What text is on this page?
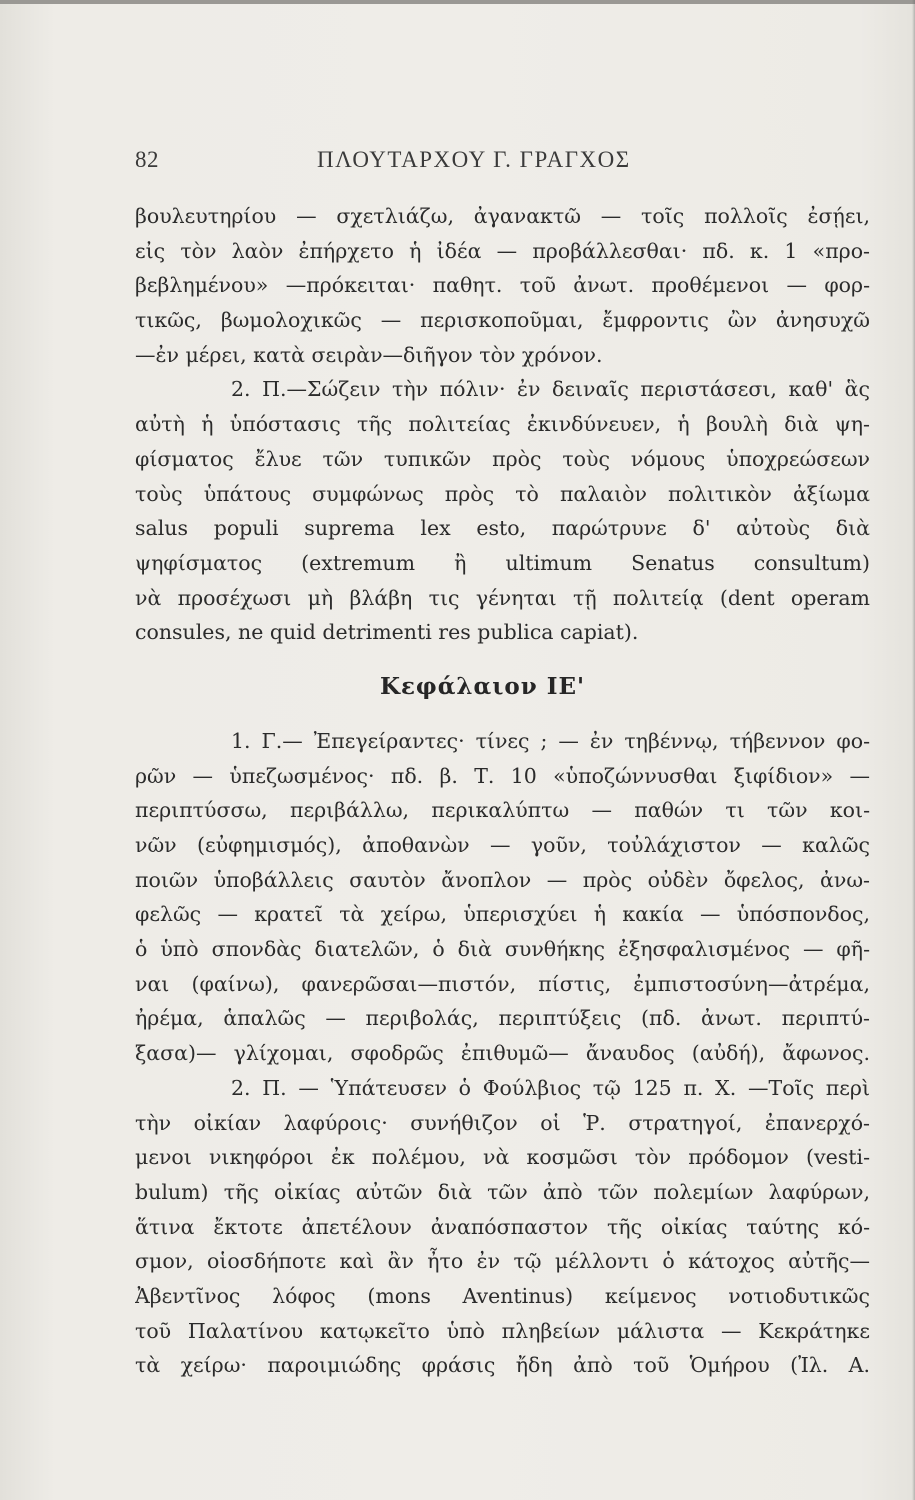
82	ΠΛΟΥΤΑΡΧΟΥ Γ. ΓΡΑΓΧΟΣ
βουλευτηρίου — σχετλιάζω, ἀγανακτῶ — τοῖς πολλοῖς ἐσῄει,
εἰς τὸν λαὸν ἐπήρχετο ἡ ἰδέα — προβάλλεσθαι· πδ. κ. 1 «προ-
βεβλημένου» —πρόκειται· παθητ. τοῦ ἀνωτ. προθέμενοι — φορ-
τικῶς, βωμολοχικῶς — περισκοποῦμαι, ἔμφροντις ὢν ἀνησυχῶ
—ἐν μέρει, κατὰ σειρὰν—διῆγον τὸν χρόνον.
2. Π.—Σώζειν τὴν πόλιν· ἐν δειναῖς περιστάσεσι, καθ' ἃς
αὐτὴ ἡ ὑπόστασις τῆς πολιτείας ἐκινδύνευεν, ἡ βουλὴ διὰ ψη-
φίσματος ἔλυε τῶν τυπικῶν πρὸς τοὺς νόμους ὑποχρεώσεων
τοὺς ὑπάτους συμφώνως πρὸς τὸ παλαιὸν πολιτικὸν ἀξίωμα
salus populi suprema lex esto, παρώτρυνε δ' αὐτοὺς διὰ
ψηφίσματος (extremum ἢ ultimum Senatus consultum)
νὰ προσέχωσι μὴ βλάβη τις γένηται τῇ πολιτείᾳ (dent operam
consules, ne quid detrimenti res publica capiat).
Κεφάλαιον ΙΕ'
1. Γ.— Ἐπεγείραντες· τίνες ; — ἐν τηβέννῳ, τήβεννον φο-
ρῶν — ὑπεζωσμένος· πδ. β. Τ. 10 «ὑποζώννυσθαι ξιφίδιον» —
περιπτύσσω, περιβάλλω, περικαλύπτω — παθών τι τῶν κοι-
νῶν (εὐφημισμός), ἀποθανὼν — γοῦν, τοὐλάχιστον — καλῶς
ποιῶν ὑποβάλλεις σαυτὸν ἄνοπλον — πρὸς οὐδὲν ὄφελος, ἀνω-
φελῶς — κρατεῖ τὰ χείρω, ὑπερισχύει ἡ κακία — ὑπόσπονδος,
ὁ ὑπὸ σπονδὰς διατελῶν, ὁ διὰ συνθήκης ἐξησφαλισμένος — φῆ-
ναι (φαίνω), φανερῶσαι—πιστόν, πίστις, ἐμπιστοσύνη—ἀτρέμα,
ἠρέμα, ἁπαλῶς — περιβολάς, περιπτύξεις (πδ. ἀνωτ. περιπτύ-
ξασα)— γλίχομαι, σφοδρῶς ἐπιθυμῶ— ἄναυδος (αὐδή), ἄφωνος.
2. Π. — Ὑπάτευσεν ὁ Φούλβιος τῷ 125 π. Χ. —Τοῖς περὶ
τὴν οἰκίαν λαφύροις· συνήθιζον οἱ Ῥ. στρατηγοί, ἐπανερχό-
μενοι νικηφόροι ἐκ πολέμου, νὰ κοσμῶσι τὸν πρόδομον (vesti-
bulum) τῆς οἰκίας αὐτῶν διὰ τῶν ἀπὸ τῶν πολεμίων λαφύρων,
ἅτινα ἔκτοτε ἀπετέλουν ἀναπόσπαστον τῆς οἰκίας ταύτης κό-
σμον, οἱοσδήποτε καὶ ἂν ἦτο ἐν τῷ μέλλοντι ὁ κάτοχος αὐτῆς—
Ἀβεντῖνος λόφος (mons Aventinus) κείμενος νοτιοδυτικῶς
τοῦ Παλατίνου κατῳκεῖτο ὑπὸ πληβείων μάλιστα — Κεκράτηκε
τὰ χείρω· παροιμιώδης φράσις ἤδη ἀπὸ τοῦ Ὁμήρου (Ἰλ. Α.
